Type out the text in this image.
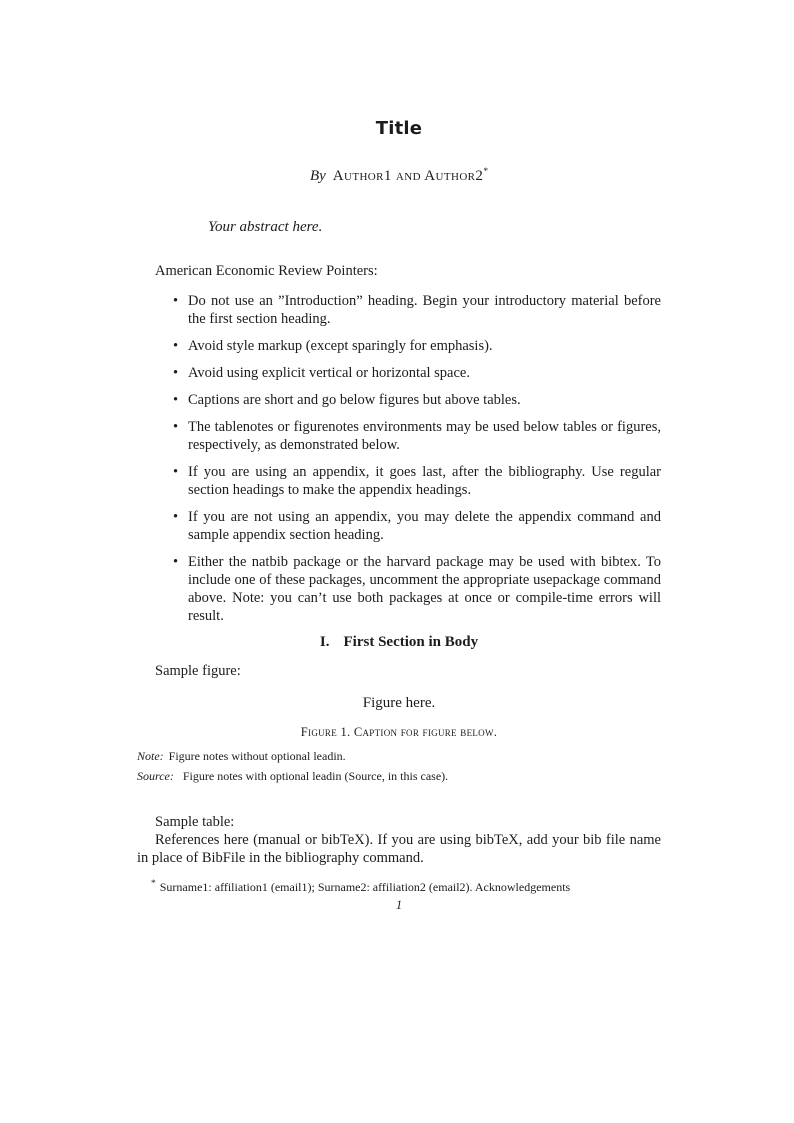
Title
By Author1 and Author2*
Your abstract here.
American Economic Review Pointers:
• Do not use an ”Introduction” heading. Begin your introductory material before the first section heading.
• Avoid style markup (except sparingly for emphasis).
• Avoid using explicit vertical or horizontal space.
• Captions are short and go below figures but above tables.
• The tablenotes or figurenotes environments may be used below tables or figures, respectively, as demonstrated below.
• If you are using an appendix, it goes last, after the bibliography. Use regular section headings to make the appendix headings.
• If you are not using an appendix, you may delete the appendix command and sample appendix section heading.
• Either the natbib package or the harvard package may be used with bibtex. To include one of these packages, uncomment the appropriate usepackage command above. Note: you can’t use both packages at once or compile-time errors will result.
I. First Section in Body
Sample figure:
Figure here.
Figure 1. Caption for figure below.
Note: Figure notes without optional leadin.
Source: Figure notes with optional leadin (Source, in this case).
Sample table:
References here (manual or bibTeX). If you are using bibTeX, add your bib file name in place of BibFile in the bibliography command.
* Surname1: affiliation1 (email1); Surname2: affiliation2 (email2). Acknowledgements
1
